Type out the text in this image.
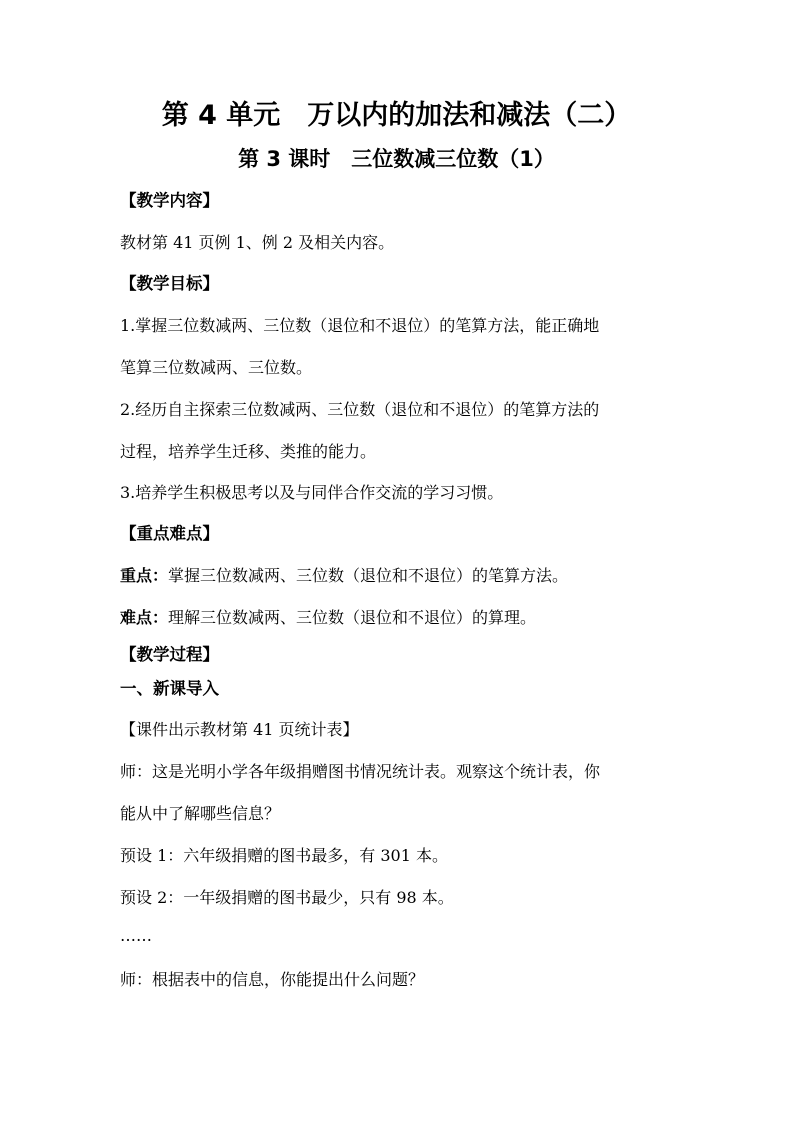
第 4 单元　万以内的加法和减法（二）
第 3 课时　三位数减三位数（1）
【教学内容】
教材第 41 页例 1、例 2 及相关内容。
【教学目标】
1.掌握三位数减两、三位数（退位和不退位）的笔算方法，能正确地
笔算三位数减两、三位数。
2.经历自主探索三位数减两、三位数（退位和不退位）的笔算方法的
过程，培养学生迁移、类推的能力。
3.培养学生积极思考以及与同伴合作交流的学习习惯。
【重点难点】
重点：掌握三位数减两、三位数（退位和不退位）的笔算方法。
难点：理解三位数减两、三位数（退位和不退位）的算理。
【教学过程】
一、新课导入
【课件出示教材第 41 页统计表】
师：这是光明小学各年级捐赠图书情况统计表。观察这个统计表，你
能从中了解哪些信息？
预设 1：六年级捐赠的图书最多，有 301 本。
预设 2：一年级捐赠的图书最少，只有 98 本。
……
师：根据表中的信息，你能提出什么问题？
